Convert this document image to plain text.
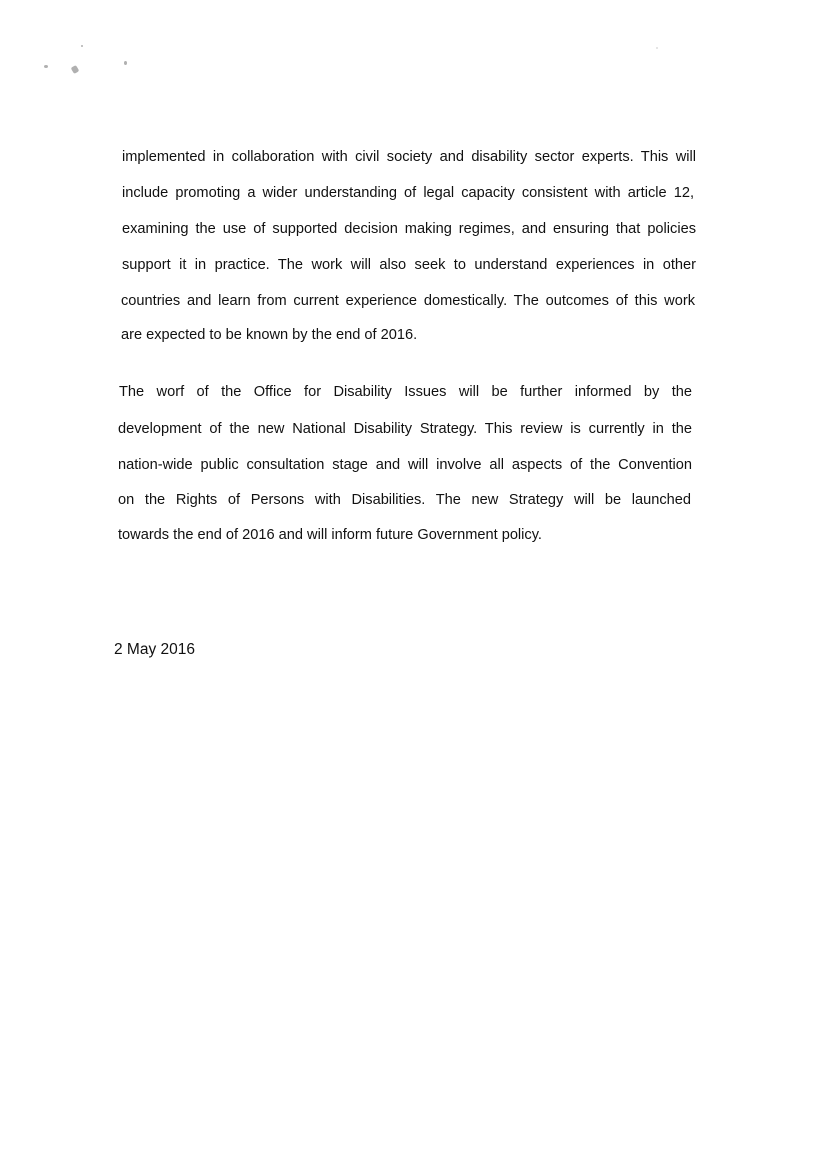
implemented in collaboration with civil society and disability sector experts. This will

include promoting a wider understanding of legal capacity consistent with article 12,

examining the use of supported decision making regimes, and ensuring that policies

support it in practice. The work will also seek to understand experiences in other

countries and learn from current experience domestically. The outcomes of this work

are expected to be known by the end of 2016.

The worf of the Office for Disability Issues will be further informed by the

development of the new National Disability Strategy. This review is currently in the

nation-wide public consultation stage and will involve all aspects of the Convention

on the Rights of Persons with Disabilities. The new Strategy will be launched

towards the end of 2016 and will inform future Government policy.

2 May 2016
